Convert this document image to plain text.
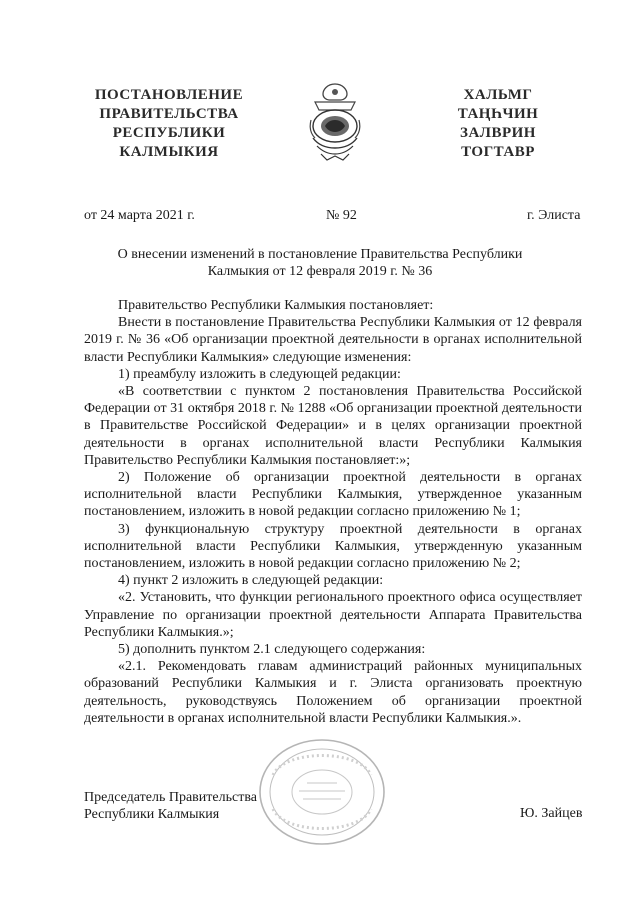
ПОСТАНОВЛЕНИЕ
ПРАВИТЕЛЬСТВА
РЕСПУБЛИКИ
КАЛМЫКИЯ
ХАЛЬМГ
ТАҢҺЧИН
ЗАЛВРИН
ТОГТАВР
от 24 марта 2021 г.	№ 92	г. Элиста
О внесении изменений в постановление Правительства Республики
Калмыкия от 12 февраля 2019 г. № 36

Правительство Республики Калмыкия постановляет:

Внести в постановление Правительства Республики Калмыкия от 12 февраля 2019 г. № 36 «Об организации проектной деятельности в органах исполнительной власти Республики Калмыкия» следующие изменения:

1) преамбулу изложить в следующей редакции:

«В соответствии с пунктом 2 постановления Правительства Российской Федерации от 31 октября 2018 г. № 1288 «Об организации проектной деятельности в Правительстве Российской Федерации» и в целях организации проектной деятельности в органах исполнительной власти Республики Калмыкия Правительство Республики Калмыкия постановляет:»;

2) Положение об организации проектной деятельности в органах исполнительной власти Республики Калмыкия, утвержденное указанным постановлением, изложить в новой редакции согласно приложению № 1;

3) функциональную структуру проектной деятельности в органах исполнительной власти Республики Калмыкия, утвержденную указанным постановлением, изложить в новой редакции согласно приложению № 2;

4) пункт 2 изложить в следующей редакции:

«2. Установить, что функции регионального проектного офиса осуществляет Управление по организации проектной деятельности Аппарата Правительства Республики Калмыкия.»;

5) дополнить пунктом 2.1 следующего содержания:

«2.1. Рекомендовать главам администраций районных муниципальных образований Республики Калмыкия и г. Элиста организовать проектную деятельность, руководствуясь Положением об организации проектной деятельности в органах исполнительной власти Республики Калмыкия.».

Председатель Правительства
Республики Калмыкия	Ю. Зайцев
